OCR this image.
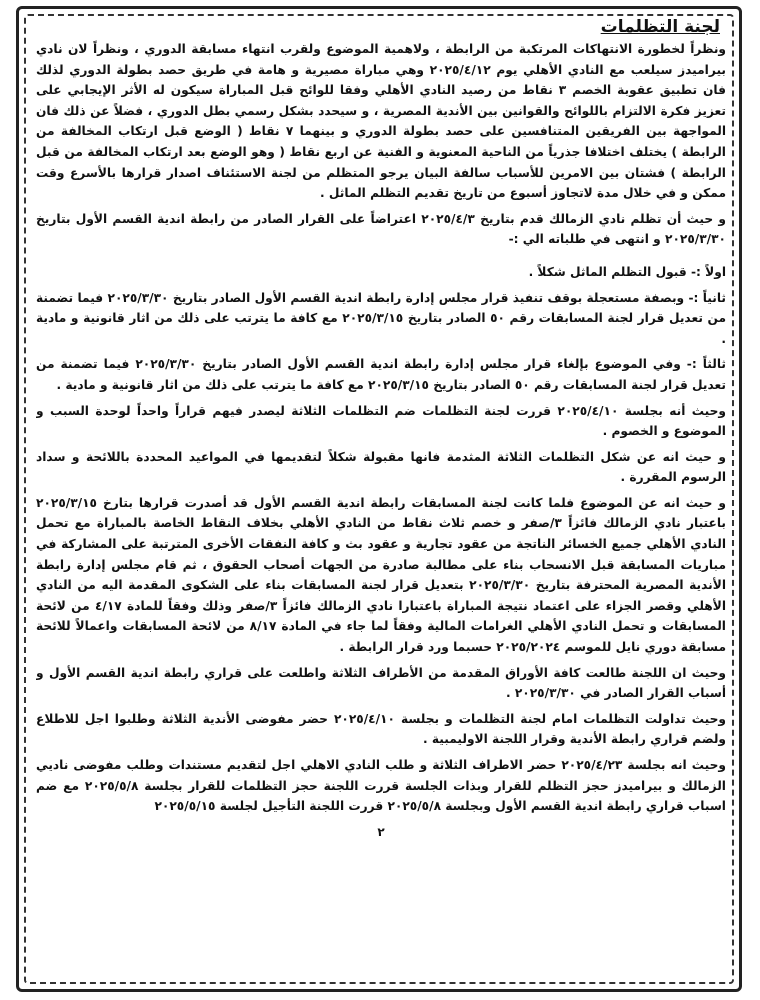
لجنة التظلمات

ونظراً لخطورة الانتهاكات المرتكبة من الرابطة ، ولاهمية الموضوع ولقرب انتهاء مسابقة الدوري ، ونظراً لان نادي بيراميدز سيلعب مع النادي الأهلي يوم ٢٠٢٥/٤/١٢ وهي مباراة مصيرية و هامة في طريق حصد بطولة الدوري لذلك فان تطبيق عقوبة الخصم ٣ نقاط من رصيد النادي الأهلي وفقا للوائح قبل المباراة سيكون له الأثر الإيجابي على تعزيز فكرة الالتزام باللوائح والقوانين بين الأندية المصرية ، و سيحدد بشكل رسمي بطل الدوري ، فضلاً عن ذلك فان المواجهة بين الفريقين المتنافسين على حصد بطولة الدوري و بينهما ٧ نقاط ( الوضع قبل ارتكاب المخالفة من الرابطة ) يختلف اختلافا جذرياً من الناحية المعنوية و الفنية عن اربع نقاط ( وهو الوضع بعد ارتكاب المخالفة من قبل الرابطة ) فشتان بين الامرين للأسباب سالفة البيان يرجو المتظلم من لجنة الاستئناف اصدار قرارها بالأسرع وقت ممكن و في خلال مدة لاتجاوز أسبوع من تاريخ تقديم التظلم الماثل .

و حيث أن تظلم نادي الزمالك قدم بتاريخ ٢٠٢٥/٤/٣ اعتراضاً على القرار الصادر من رابطة اندية القسم الأول بتاريخ ٢٠٢٥/٣/٣٠ و انتهى في طلباته الي :-

اولاً :- قبول التظلم الماثل شكلاً .

ثانياً :- وبصفة مستعجلة بوقف تنفيذ قرار مجلس إدارة رابطة اندية القسم الأول الصادر بتاريخ ٢٠٢٥/٣/٣٠ فيما تضمنة من تعديل قرار لجنة المسابقات رقم ٥٠ الصادر بتاريخ ٢٠٢٥/٣/١٥ مع كافة ما يترتب على ذلك من اثار قانونية و مادية .

ثالثاً :- وفي الموضوع بإلغاء قرار مجلس إدارة رابطة اندية القسم الأول الصادر بتاريخ ٢٠٢٥/٣/٣٠ فيما تضمنة من تعديل قرار لجنة المسابقات رقم ٥٠ الصادر بتاريخ ٢٠٢٥/٣/١٥ مع كافة ما يترتب على ذلك من اثار قانونية و مادية .

وحيث أنه بجلسة ٢٠٢٥/٤/١٠ قررت لجنة التظلمات ضم التظلمات الثلاثة ليصدر فيهم قراراً واحداً لوحدة السبب و الموضوع و الخصوم .

و حيث انه عن شكل التظلمات الثلاثة المثدمة فانها مقبولة شكلاً لتقديمها في المواعيد المحددة باللائحة و سداد الرسوم المقررة .

و حيث انه عن الموضوع فلما كانت لجنة المسابقات رابطة اندية القسم الأول قد أصدرت قرارها بتارخ ٢٠٢٥/٣/١٥ باعتبار نادي الزمالك فائزاً ٣/صفر و خصم ثلاث نقاط من النادي الأهلي بخلاف النقاط الخاصة بالمباراة مع تحمل النادي الأهلي جميع الخسائر الناتجة من عقود تجارية و عقود بث و كافة النفقات الأخرى المترتبة على المشاركة في مباريات المسابقة قبل الانسحاب بناء على مطالبة صادرة من الجهات أصحاب الحقوق ، ثم قام مجلس إدارة رابطة الأندية المصرية المحترفة بتاريخ ٢٠٢٥/٣/٣٠ بتعديل قرار لجنة المسابقات بناء على الشكوى المقدمة اليه من النادي الأهلي وقصر الجزاء على اعتماد نتيجة المباراة باعتبارا نادي الزمالك فائزاً ٣/صفر وذلك وفقاً للمادة ٤/١٧ من لائحة المسابقات و تحمل النادي الأهلي الغرامات المالية وفقاً لما جاء في المادة ٨/١٧ من لائحة المسابقات واعمالاً للائحة مسابقة دوري نايل للموسم ٢٠٢٥/٢٠٢٤ حسبما ورد قرار الرابطة .

وحيث ان اللجنة طالعت كافة الأوراق المقدمة من الأطراف الثلاثة واطلعت على قراري رابطة اندية القسم الأول و أسباب القرار الصادر في ٢٠٢٥/٣/٣٠ .

وحيث تداولت التظلمات امام لجنة التظلمات و بجلسة ٢٠٢٥/٤/١٠ حضر مفوضى الأندية الثلاثة وطلبوا اجل للاطلاع ولضم قراري رابطة الأندية وقرار اللجنة الاوليمبية .

وحيث انه بجلسة ٢٠٢٥/٤/٢٣ حضر الاطراف الثلاثة و طلب النادي الاهلي اجل لتقديم مستندات وطلب مفوضى ناديي الزمالك و بيراميدز حجز التظلم للقرار وبذات الجلسة قررت اللجنة حجز التظلمات للقرار بجلسة ٢٠٢٥/٥/٨ مع ضم اسباب قراري رابطة اندية القسم الأول وبجلسة ٢٠٢٥/٥/٨ قررت اللجنة التأجيل لجلسة ٢٠٢٥/٥/١٥

٢
